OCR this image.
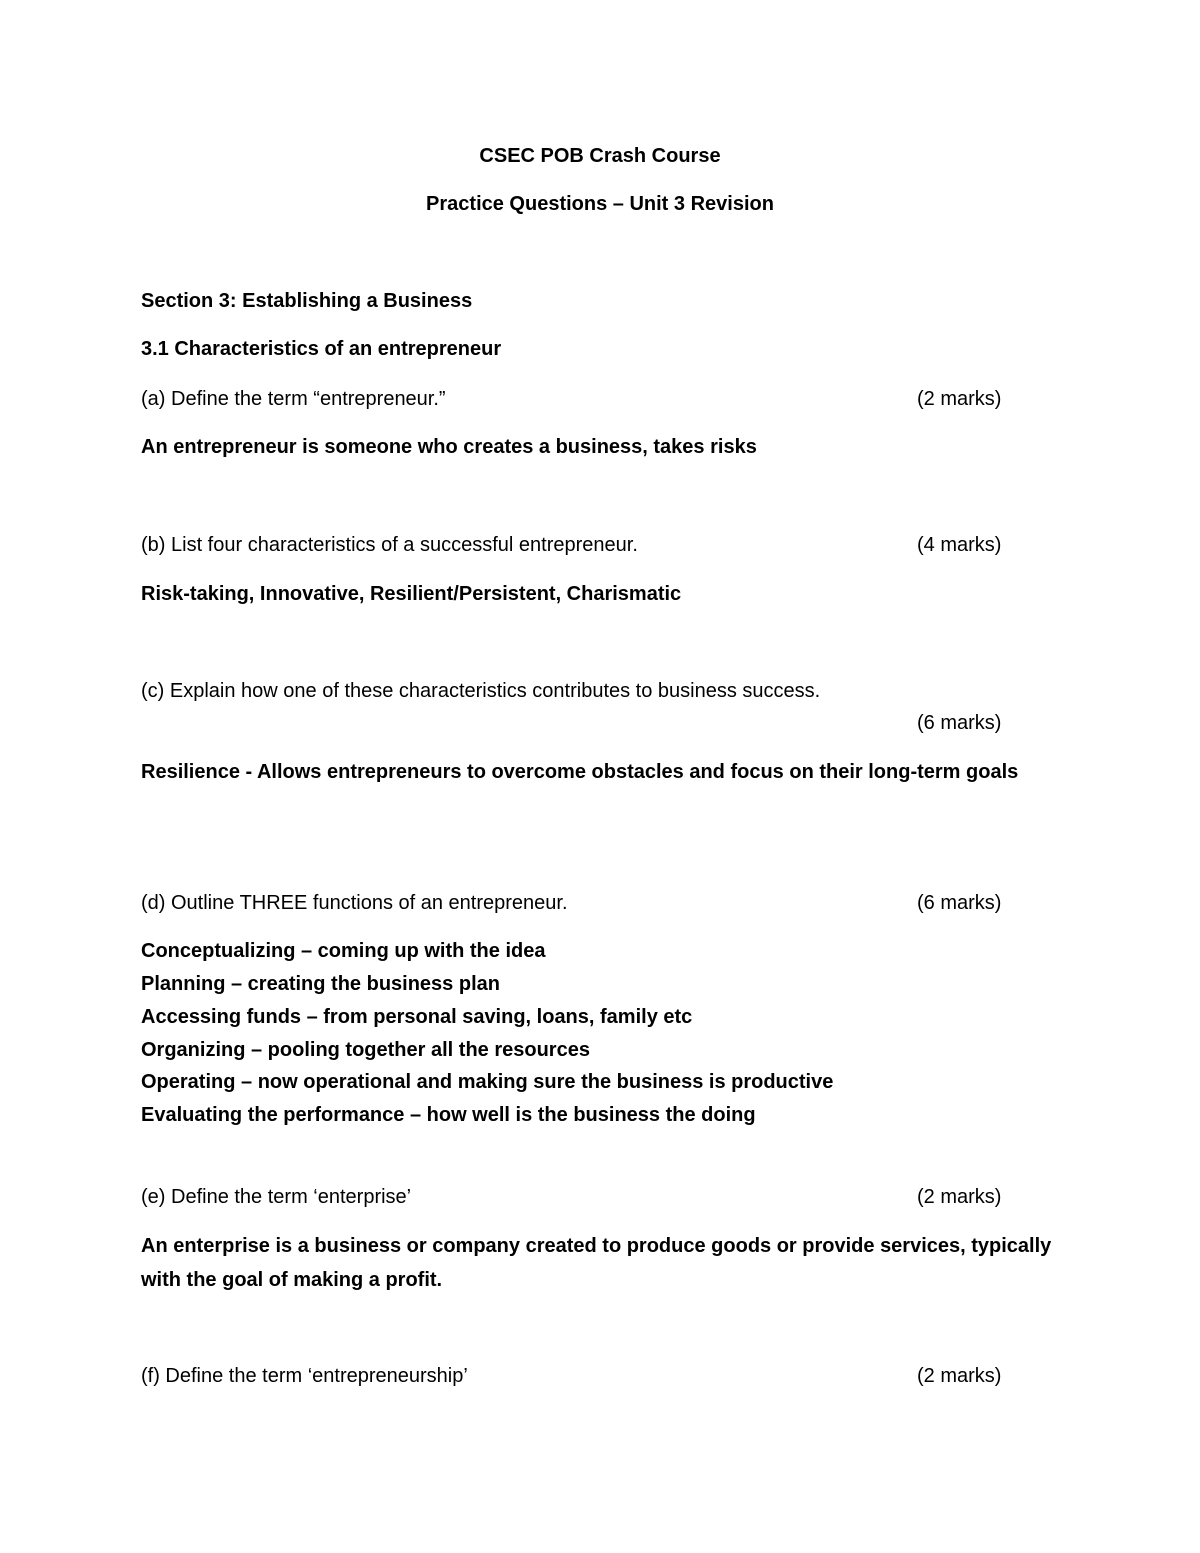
CSEC POB Crash Course
Practice Questions – Unit 3 Revision
Section 3: Establishing a Business
3.1 Characteristics of an entrepreneur
(a) Define the term “entrepreneur.”	(2 marks)
An entrepreneur is someone who creates a business, takes risks
(b) List four characteristics of a successful entrepreneur.	(4 marks)
Risk-taking, Innovative, Resilient/Persistent, Charismatic
(c) Explain how one of these characteristics contributes to business success.
(6 marks)
Resilience - Allows entrepreneurs to overcome obstacles and focus on their long-term goals
(d) Outline THREE functions of an entrepreneur.	(6 marks)
Conceptualizing – coming up with the idea
Planning – creating the business plan
Accessing funds – from personal saving, loans, family etc
Organizing – pooling together all the resources
Operating – now operational and making sure the business is productive
Evaluating the performance – how well is the business the doing
(e) Define the term ‘enterprise’	(2 marks)
An enterprise is a business or company created to produce goods or provide services, typically with the goal of making a profit.
(f) Define the term ‘entrepreneurship’	(2 marks)
